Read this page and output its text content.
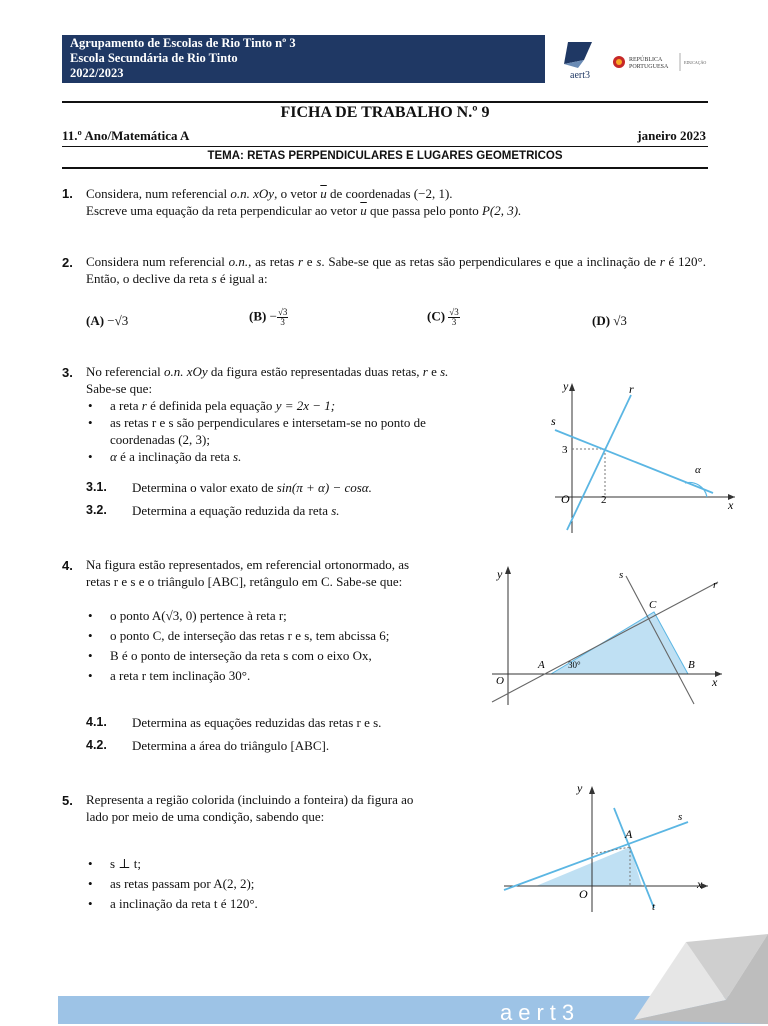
Agrupamento de Escolas de Rio Tinto nº 3
Escola Secundária de Rio Tinto
2022/2023	aert3
REPÚBLICA
PORTUGUESA
EDUCAÇÃO
FICHA DE TRABALHO N.º 9
11.º Ano/Matemática A	janeiro 2023
TEMA: RETAS PERPENDICULARES E LUGARES GEOMETRICOS
1. Considera, num referencial o.n. xOy, o vetor $\overline{u}$ de coordenadas (−2, 1).
Escreve uma equação da reta perpendicular ao vetor $\overline{u}$ que passa pelo ponto P(2, 3).
2. Considera num referencial o.n., as retas r e s. Sabe-se que as retas são perpendiculares e que a inclinação de r é 120°. Então, o declive da reta s é igual a:
(A) −√3	$(B) - \frac{√3}{3}$	$(C) \frac{√3}{3}$	(D) √3
3. No referencial o.n. xOy da figura estão representadas duas retas, r e s.
Sabe-se que:
• a reta r é definida pela equação y = 2x − 1;
• as retas r e s são perpendiculares e intersetam-se no ponto de coordenadas (2, 3);
• α é a inclinação da reta s.
3.1. Determina o valor exato de sin(π + α) − cosα.
3.2. Determina a equação reduzida da reta s.
y
x
O
3
2
r
s
α
4. Na figura estão representados, em referencial ortonormado, as
retas r e s e o triângulo [ABC], retângulo em C. Sabe-se que:
• o ponto A(√3, 0) pertence à reta r;
• o ponto C, de interseção das retas r e s, tem abcissa 6;
• B é o ponto de interseção da reta s com o eixo Ox,
• a reta r tem inclinação 30°.
4.1. Determina as equações reduzidas das retas r e s.
4.2. Determina a área do triângulo [ABC].
y
x
O
A	30°	B
C
r
s
5. Representa a região colorida (incluindo a fonteira) da figura ao
lado por meio de uma condição, sabendo que:
• s ⊥ t;
• as retas passam por A(2, 2);
• a inclinação da reta t é 120°.
y
x
O
A
s
t
aert3
